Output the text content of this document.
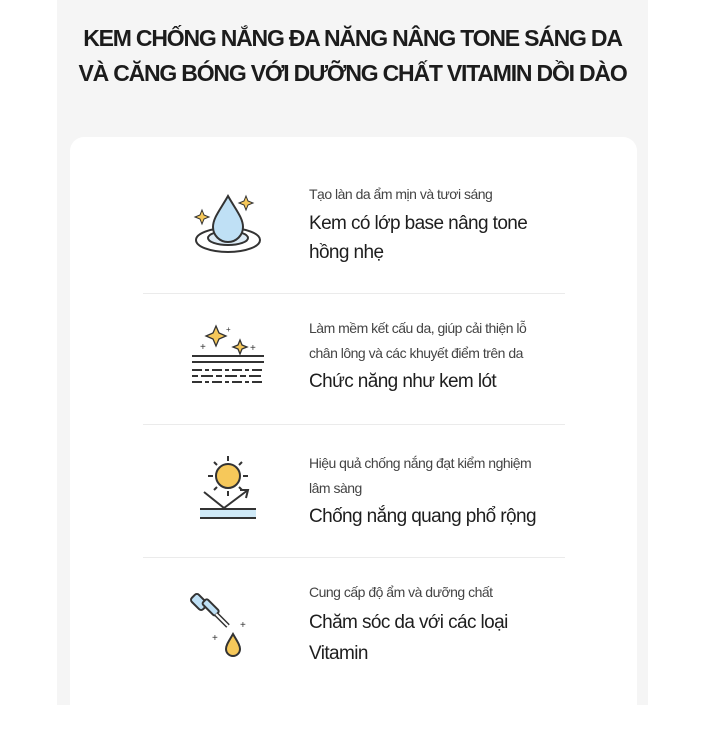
KEM CHỐNG NẮNG ĐA NĂNG NÂNG TONE SÁNG DA
VÀ CĂNG BÓNG VỚI DƯỠNG CHẤT VITAMIN DỒI DÀO
Tạo làn da ẩm mịn và tươi sáng
Kem có lớp base nâng tone
hồng nhẹ
+
+
+
Làm mềm kết cấu da, giúp cải thiện lỗ
chân lông và các khuyết điểm trên da
Chức năng như kem lót
Hiệu quả chống nắng đạt kiểm nghiệm
lâm sàng
Chống nắng quang phổ rộng
+
+
Cung cấp độ ẩm và dưỡng chất
Chăm sóc da với các loại
Vitamin
